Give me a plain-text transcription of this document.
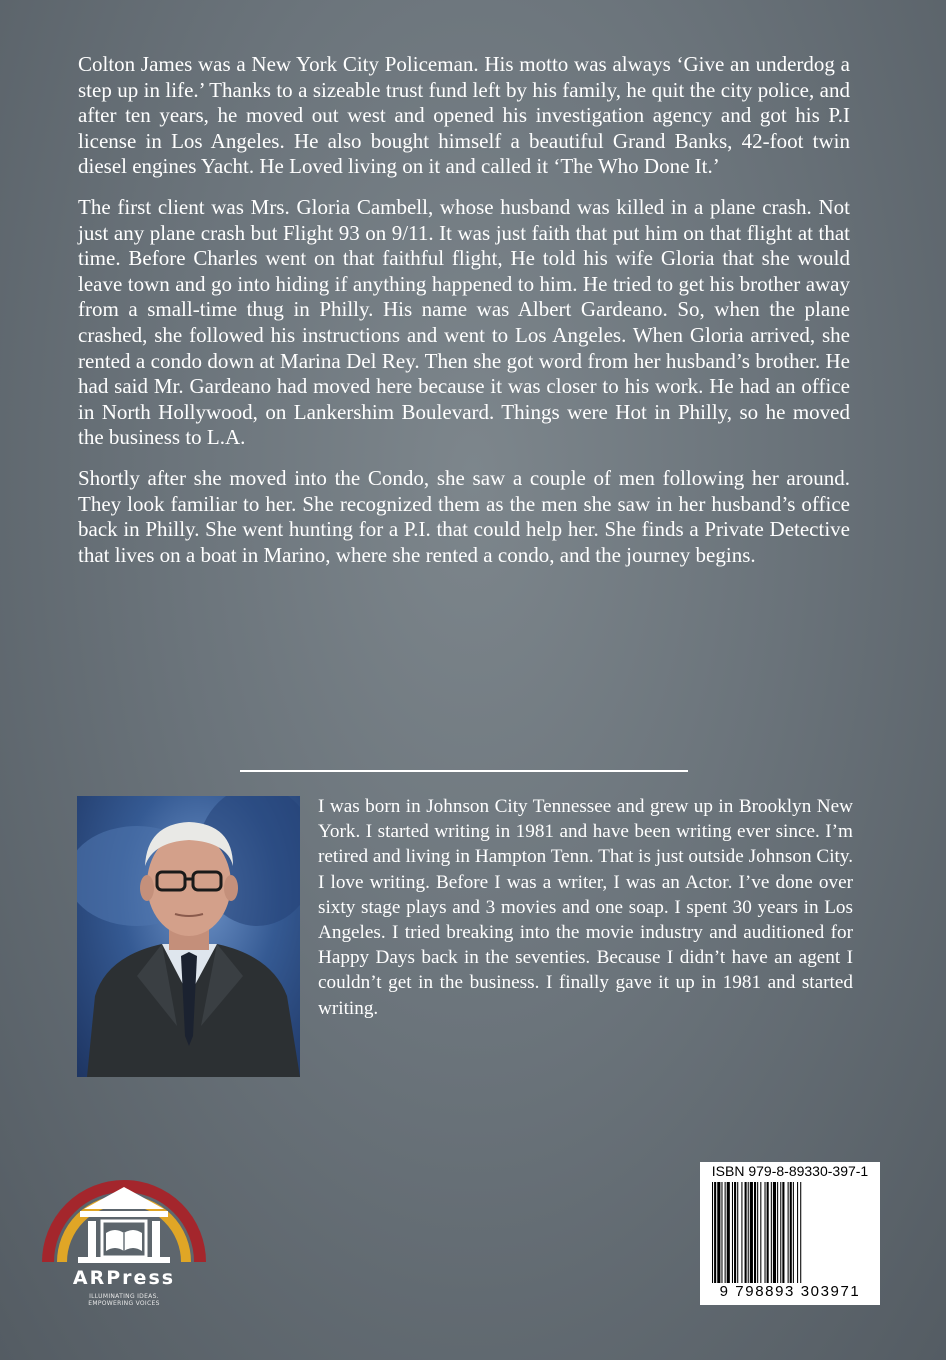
Colton James was a New York City Policeman. His motto was always ‘Give an underdog a step up in life.’ Thanks to a sizeable trust fund left by his family, he quit the city police, and after ten years, he moved out west and opened his investigation agency and got his P.I license in Los Angeles. He also bought himself a beautiful Grand Banks, 42-foot twin diesel engines Yacht. He Loved living on it and called it ‘The Who Done It.’

The first client was Mrs. Gloria Cambell, whose husband was killed in a plane crash. Not just any plane crash but Flight 93 on 9/11. It was just faith that put him on that flight at that time. Before Charles went on that faithful flight, He told his wife Gloria that she would leave town and go into hiding if anything happened to him. He tried to get his brother away from a small-time thug in Philly. His name was Albert Gardeano. So, when the plane crashed, she followed his instructions and went to Los Angeles. When Gloria arrived, she rented a condo down at Marina Del Rey. Then she got word from her husband’s brother. He had said Mr. Gardeano had moved here because it was closer to his work. He had an office in North Hollywood, on Lankershim Boulevard. Things were Hot in Philly, so he moved the business to L.A.

Shortly after she moved into the Condo, she saw a couple of men following her around. They look familiar to her. She recognized them as the men she saw in her husband’s office back in Philly. She went hunting for a P.I. that could help her. She finds a Private Detective that lives on a boat in Marino, where she rented a condo, and the journey begins.

I was born in Johnson City Tennessee and grew up in Brooklyn New York. I started writing in 1981 and have been writing ever since. I’m retired and living in Hampton Tenn. That is just outside Johnson City. I love writing. Before I was a writer, I was an Actor. I’ve done over sixty stage plays and 3 movies and one soap. I spent 30 years in Los Angeles. I tried breaking into the movie industry and auditioned for Happy Days back in the seventies. Because I didn’t have an agent I couldn’t get in the business. I finally gave it up in 1981 and started writing.

ARPress
ILLUMINATING IDEAS.
EMPOWERING VOICES
ISBN 979-8-89330-397-1
9 798893 303971
